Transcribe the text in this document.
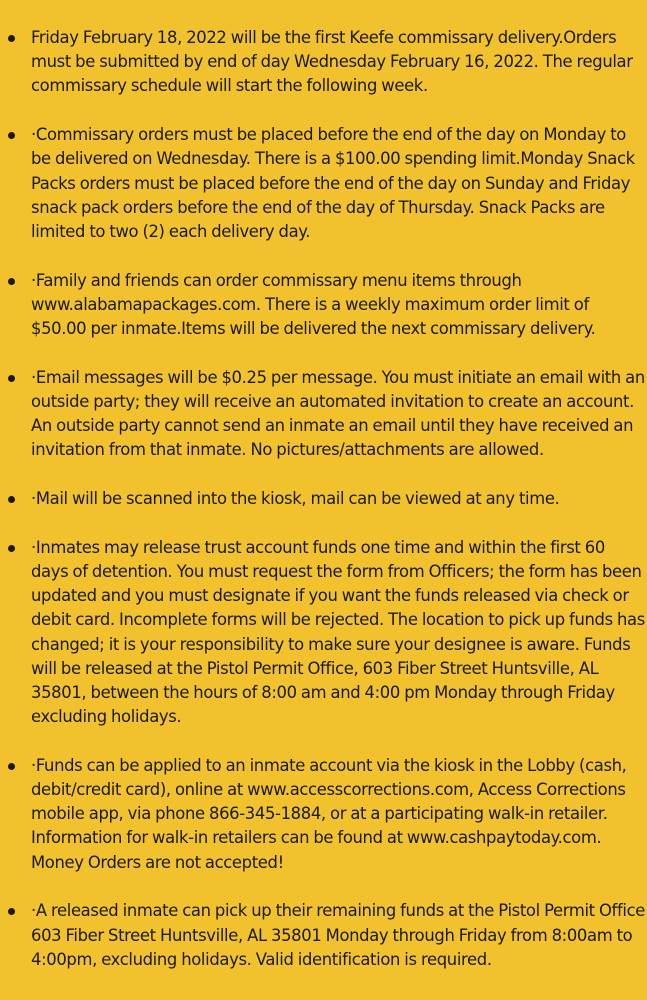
Friday February 18, 2022 will be the first Keefe commissary delivery.Orders must be submitted by end of day Wednesday February 16, 2022. The regular commissary schedule will start the following week.
·Commissary orders must be placed before the end of the day on Monday to be delivered on Wednesday. There is a $100.00 spending limit.Monday Snack Packs orders must be placed before the end of the day on Sunday and Friday snack pack orders before the end of the day of Thursday. Snack Packs are limited to two (2) each delivery day.
·Family and friends can order commissary menu items through www.alabamapackages.com. There is a weekly maximum order limit of $50.00 per inmate.Items will be delivered the next commissary delivery.
·Email messages will be $0.25 per message. You must initiate an email with an outside party; they will receive an automated invitation to create an account. An outside party cannot send an inmate an email until they have received an invitation from that inmate. No pictures/attachments are allowed.
·Mail will be scanned into the kiosk, mail can be viewed at any time.
·Inmates may release trust account funds one time and within the first 60 days of detention. You must request the form from Officers; the form has been updated and you must designate if you want the funds released via check or debit card. Incomplete forms will be rejected. The location to pick up funds has changed; it is your responsibility to make sure your designee is aware. Funds will be released at the Pistol Permit Office, 603 Fiber Street Huntsville, AL 35801, between the hours of 8:00 am and 4:00 pm Monday through Friday excluding holidays.
·Funds can be applied to an inmate account via the kiosk in the Lobby (cash, debit/credit card), online at www.accesscorrections.com, Access Corrections mobile app, via phone 866-345-1884, or at a participating walk-in retailer. Information for walk-in retailers can be found at www.cashpaytoday.com. Money Orders are not accepted!
·A released inmate can pick up their remaining funds at the Pistol Permit Office 603 Fiber Street Huntsville, AL 35801 Monday through Friday from 8:00am to 4:00pm, excluding holidays. Valid identification is required.
